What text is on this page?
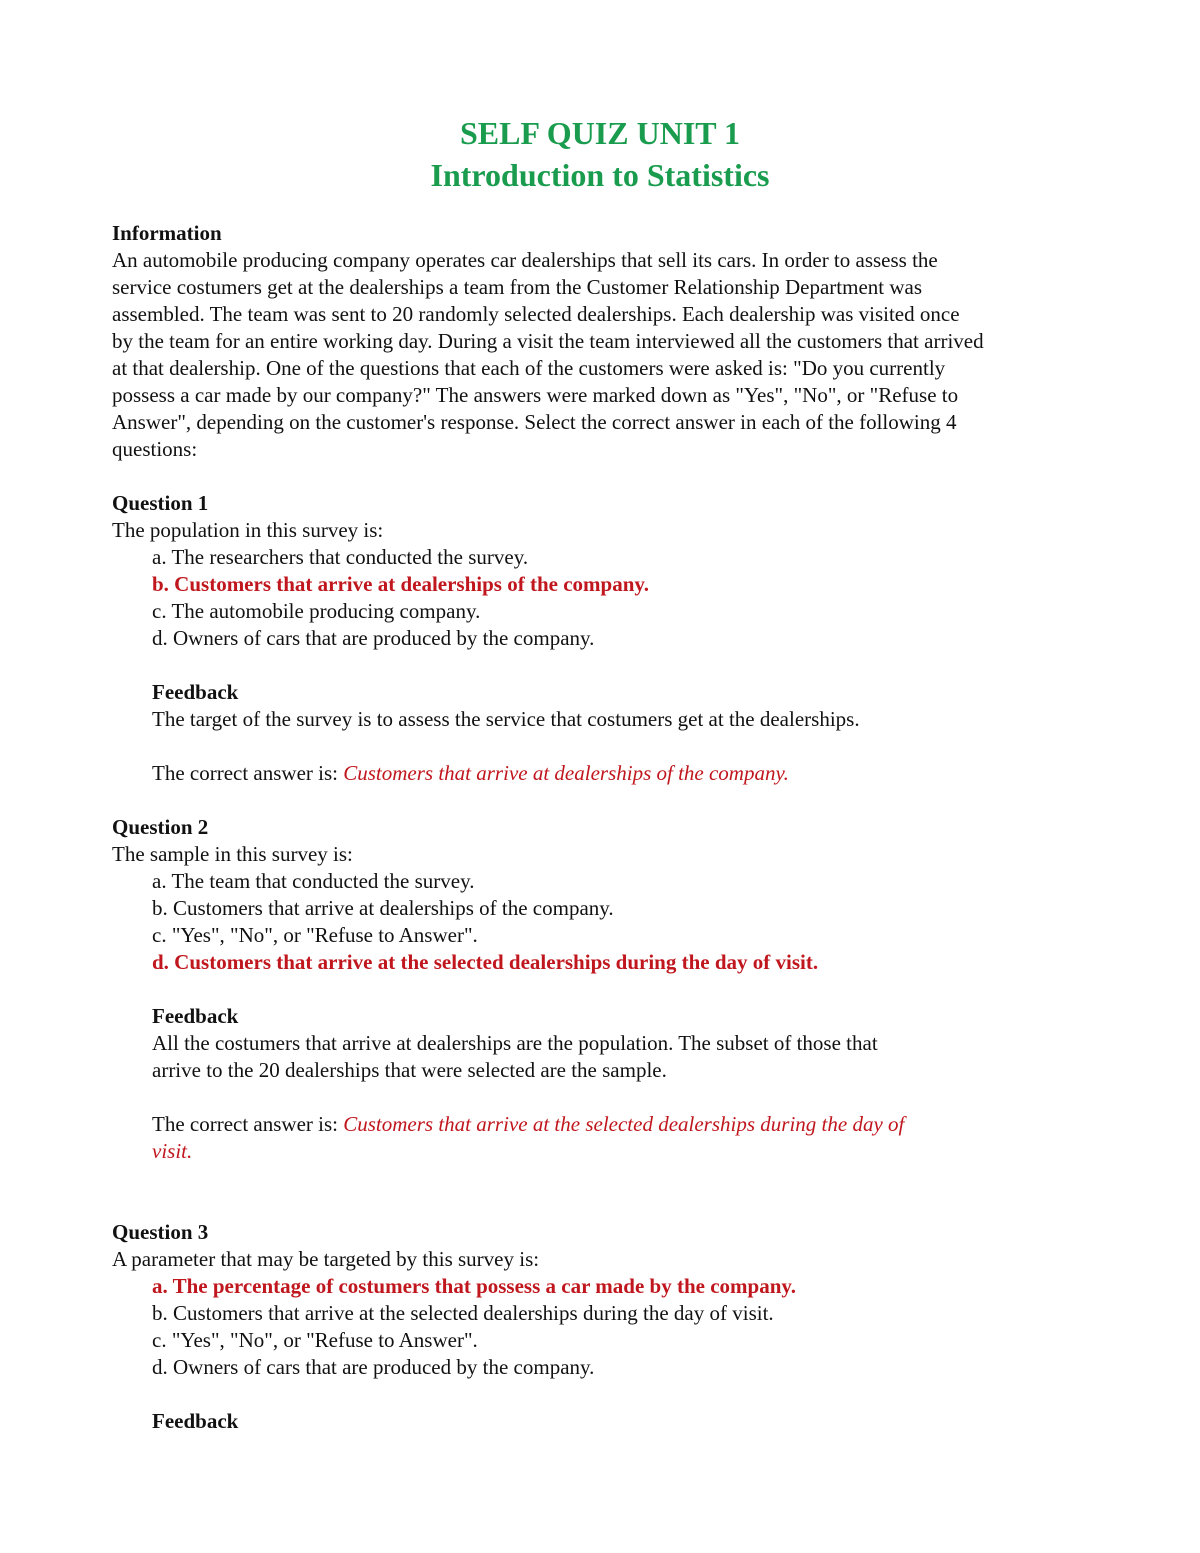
SELF QUIZ UNIT 1
Introduction to Statistics
Information
An automobile producing company operates car dealerships that sell its cars. In order to assess the
service costumers get at the dealerships a team from the Customer Relationship Department was
assembled. The team was sent to 20 randomly selected dealerships. Each dealership was visited once
by the team for an entire working day. During a visit the team interviewed all the customers that arrived
at that dealership. One of the questions that each of the customers were asked is: "Do you currently
possess a car made by our company?" The answers were marked down as "Yes", "No", or "Refuse to
Answer", depending on the customer's response. Select the correct answer in each of the following 4
questions:
Question 1
The population in this survey is:
a. The researchers that conducted the survey.
b. Customers that arrive at dealerships of the company.
c. The automobile producing company.
d. Owners of cars that are produced by the company.
Feedback
The target of the survey is to assess the service that costumers get at the dealerships.
The correct answer is: Customers that arrive at dealerships of the company.
Question 2
The sample in this survey is:
a. The team that conducted the survey.
b. Customers that arrive at dealerships of the company.
c. "Yes", "No", or "Refuse to Answer".
d. Customers that arrive at the selected dealerships during the day of visit.
Feedback
All the costumers that arrive at dealerships are the population. The subset of those that
arrive to the 20 dealerships that were selected are the sample.
The correct answer is: Customers that arrive at the selected dealerships during the day of
visit.
Question 3
A parameter that may be targeted by this survey is:
a. The percentage of costumers that possess a car made by the company.
b. Customers that arrive at the selected dealerships during the day of visit.
c. "Yes", "No", or "Refuse to Answer".
d. Owners of cars that are produced by the company.
Feedback
